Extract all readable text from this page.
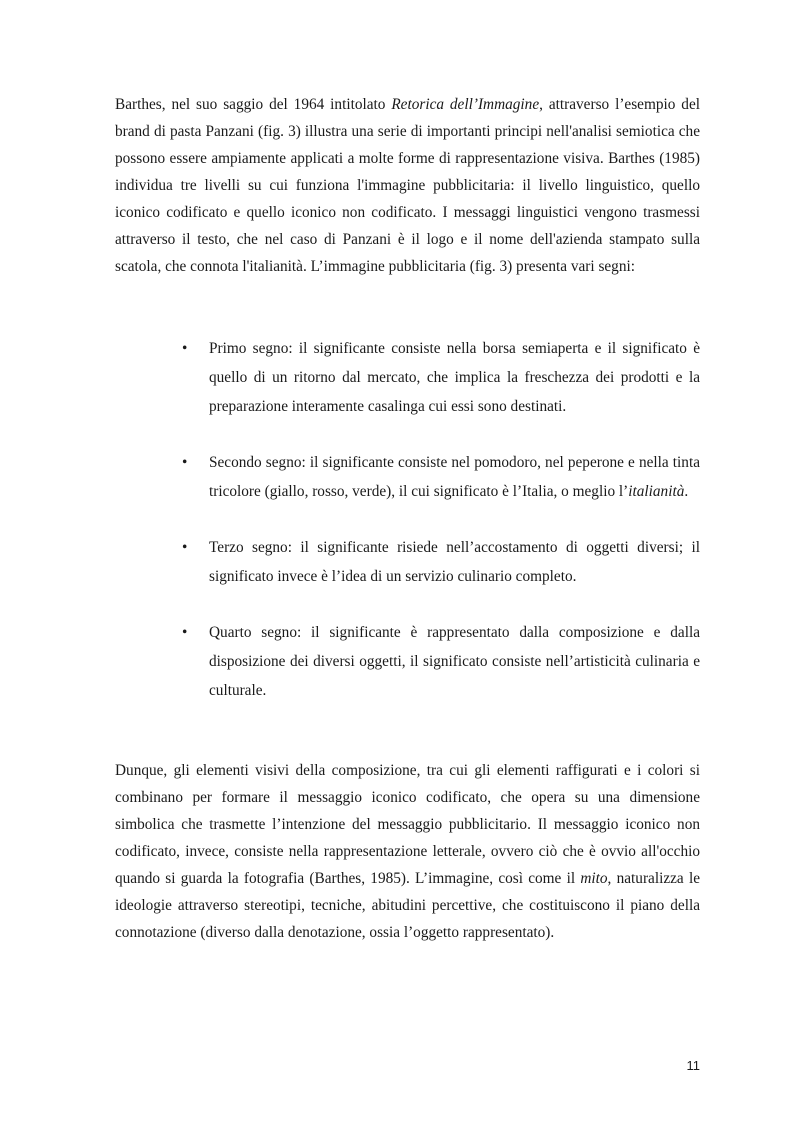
Barthes, nel suo saggio del 1964 intitolato Retorica dell’Immagine, attraverso l’esempio del brand di pasta Panzani (fig. 3) illustra una serie di importanti principi nell'analisi semiotica che possono essere ampiamente applicati a molte forme di rappresentazione visiva. Barthes (1985) individua tre livelli su cui funziona l'immagine pubblicitaria: il livello linguistico, quello iconico codificato e quello iconico non codificato. I messaggi linguistici vengono trasmessi attraverso il testo, che nel caso di Panzani è il logo e il nome dell'azienda stampato sulla scatola, che connota l'italianità. L’immagine pubblicitaria (fig. 3) presenta vari segni:

• Primo segno: il significante consiste nella borsa semiaperta e il significato è quello di un ritorno dal mercato, che implica la freschezza dei prodotti e la preparazione interamente casalinga cui essi sono destinati.
• Secondo segno: il significante consiste nel pomodoro, nel peperone e nella tinta tricolore (giallo, rosso, verde), il cui significato è l’Italia, o meglio l’italianità.
• Terzo segno: il significante risiede nell’accostamento di oggetti diversi; il significato invece è l’idea di un servizio culinario completo.
• Quarto segno: il significante è rappresentato dalla composizione e dalla disposizione dei diversi oggetti, il significato consiste nell’artisticità culinaria e culturale.

Dunque, gli elementi visivi della composizione, tra cui gli elementi raffigurati e i colori si combinano per formare il messaggio iconico codificato, che opera su una dimensione simbolica che trasmette l’intenzione del messaggio pubblicitario. Il messaggio iconico non codificato, invece, consiste nella rappresentazione letterale, ovvero ciò che è ovvio all'occhio quando si guarda la fotografia (Barthes, 1985). L’immagine, così come il mito, naturalizza le ideologie attraverso stereotipi, tecniche, abitudini percettive, che costituiscono il piano della connotazione (diverso dalla denotazione, ossia l’oggetto rappresentato).

11
